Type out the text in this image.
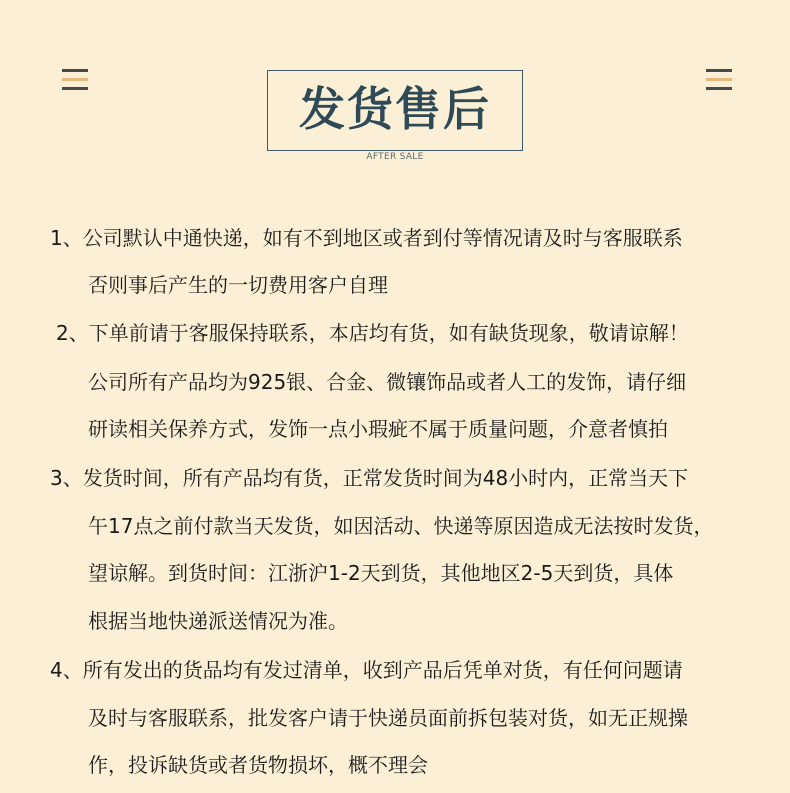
发货售后
AFTER SALE
1、公司默认中通快递，如有不到地区或者到付等情况请及时与客服联系
否则事后产生的一切费用客户自理
2、下单前请于客服保持联系，本店均有货，如有缺货现象，敬请谅解！
公司所有产品均为925银、合金、微镶饰品或者人工的发饰，请仔细
研读相关保养方式，发饰一点小瑕疵不属于质量问题，介意者慎拍
3、发货时间，所有产品均有货，正常发货时间为48小时内，正常当天下
午17点之前付款当天发货，如因活动、快递等原因造成无法按时发货，
望谅解。到货时间：江浙沪1-2天到货，其他地区2-5天到货，具体
根据当地快递派送情况为准。
4、所有发出的货品均有发过清单，收到产品后凭单对货，有任何问题请
及时与客服联系，批发客户请于快递员面前拆包装对货，如无正规操
作，投诉缺货或者货物损坏，概不理会
